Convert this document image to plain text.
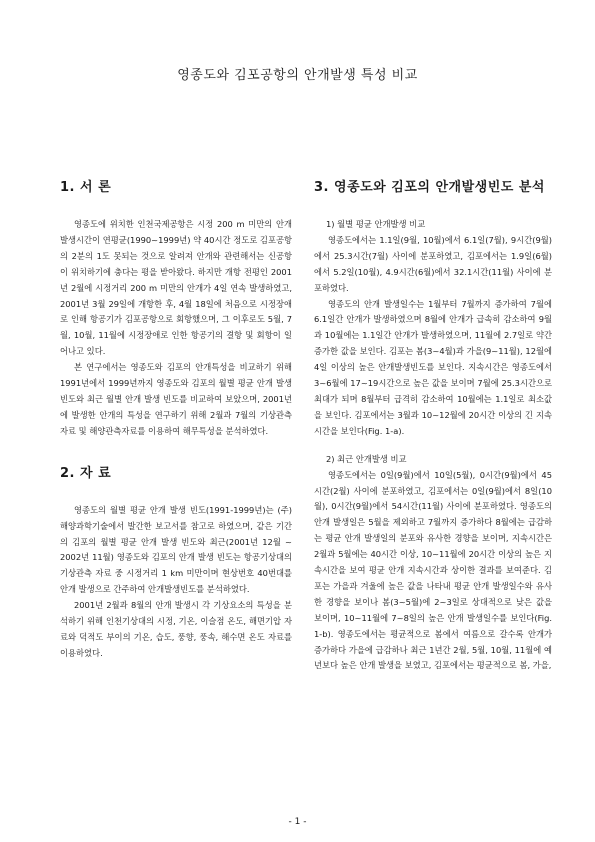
영종도와 김포공항의 안개발생 특성 비교
1. 서 론

영종도에 위치한 인천국제공항은 시정 200 m 미만의 안개 발생시간이 연평균(1990~1999년) 약 40시간 정도로 김포공항의 2분의 1도 못되는 것으로 알려져 안개와 관련해서는 신공항이 위치하기에 충다는 평을 받아왔다. 하지만 개항 전평인 2001년 2월에 시정거리 200 m 미만의 안개가 4일 연속 발생하였고, 2001년 3월 29일에 개항한 후, 4월 18일에 처음으로 시정장애로 인해 항공기가 김포공항으로 회항했으며, 그 이후로도 5월, 7월, 10월, 11월에 시정장애로 인한 항공기의 결항 및 회항이 일어나고 있다.

본 연구에서는 영종도와 김포의 안개특성을 비교하기 위해 1991년에서 1999년까지 영종도와 김포의 월별 평균 안개 발생 빈도와 최근 월별 안개 발생 빈도를 비교하여 보았으며, 2001년에 발생한 안개의 특성을 연구하기 위해 2월과 7월의 기상관측자료 및 해양관측자료를 이용하여 해무특성을 분석하였다.

2. 자 료

영종도의 월별 평균 안개 발생 빈도(1991-1999년)는 (주)해양과학기술에서 발간한 보고서를 참고로 하였으며, 같은 기간의 김포의 월별 평균 안개 발생 빈도와 최근(2001년 12월 ~ 2002년 11월) 영종도와 김포의 안개 발생 빈도는 항공기상대의 기상관측 자료 중 시정거리 1 km 미만이며 현상번호 40번대를 안개 발생으로 간주하여 안개발생빈도를 분석하였다.

2001년 2월과 8월의 안개 발생시 각 기상요소의 특성을 분석하기 위해 인천기상대의 시정, 기온, 이슬점 온도, 해면기압 자료와 덕적도 부이의 기온, 습도, 풍향, 풍속, 해수면 온도 자료를 이용하였다.

3. 영종도와 김포의 안개발생빈도 분석

1) 월별 평균 안개발생 비교

영종도에서는 1.1일(9월, 10월)에서 6.1일(7월), 9시간(9월)에서 25.3시간(7월) 사이에 분포하였고, 김포에서는 1.9일(6월)에서 5.2일(10월), 4.9시간(6월)에서 32.1시간(11월) 사이에 분포하였다.

영종도의 안개 발생일수는 1월부터 7월까지 증가하여 7월에 6.1일간 안개가 발생하였으며 8월에 안개가 급속히 감소하여 9월과 10월에는 1.1일간 안개가 발생하였으며, 11월에 2.7일로 약간 증가한 값을 보인다. 김포는 봄(3~4월)과 가을(9~11월), 12월에 4일 이상의 높은 안개발생빈도를 보인다. 지속시간은 영종도에서 3~6월에 17~19시간으로 높은 값을 보이며 7월에 25.3시간으로 최대가 되며 8월부터 급격히 감소하여 10월에는 1.1일로 최소값을 보인다. 김포에서는 3월과 10~12월에 20시간 이상의 긴 지속시간을 보인다(Fig. 1-a).

2) 최근 안개발생 비교

영종도에서는 0일(9월)에서 10일(5월), 0시간(9월)에서 45시간(2월) 사이에 분포하였고, 김포에서는 0일(9월)에서 8일(10월), 0시간(9월)에서 54시간(11월) 사이에 분포하였다. 영종도의 안개 발생일은 5월을 제외하고 7월까지 증가하다 8월에는 급감하는 평균 안개 발생일의 분포와 유사한 경향을 보이며, 지속시간은 2월과 5월에는 40시간 이상, 10~11월에 20시간 이상의 높은 지속시간을 보여 평균 안개 지속시간과 상이한 결과를 보여준다. 김포는 가을과 겨울에 높은 값을 나타내 평균 안개 발생일수와 유사한 경향을 보이나 봄(3~5월)에 2~3일로 상대적으로 낮은 값을 보이며, 10~11월에 7~8일의 높은 안개 발생일수를 보인다(Fig. 1-b). 영종도에서는 평균적으로 봄에서 여름으로 갈수록 안개가 증가하다 가을에 급감하나 최근 1년간 2월, 5월, 10월, 11월에 예년보다 높은 안개 발생을 보였고, 김포에서는 평균적으로 봄, 가을,

- 1 -
